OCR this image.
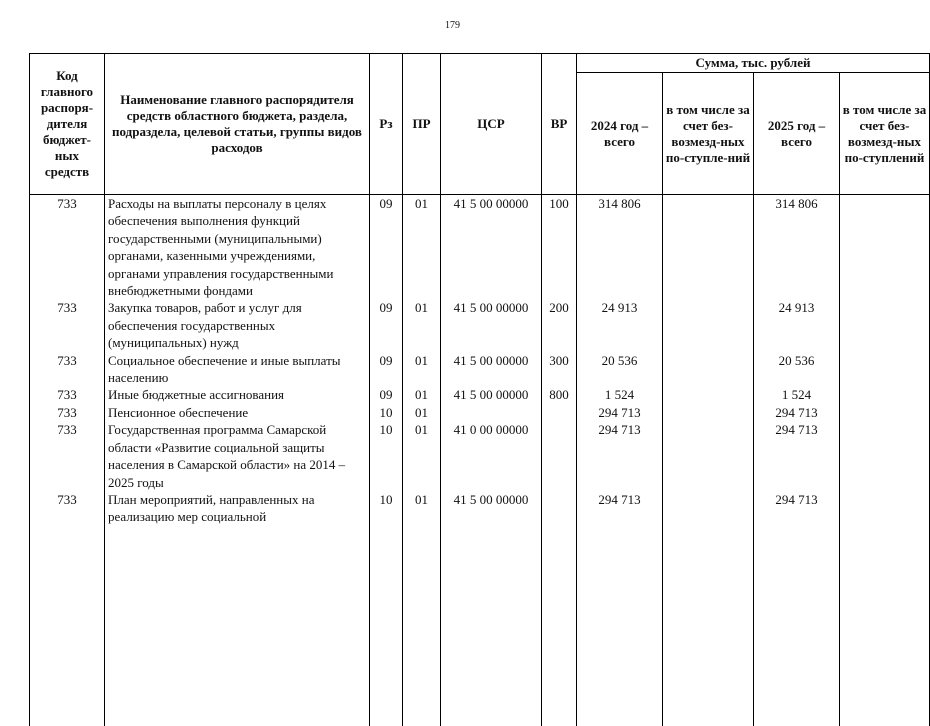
179
Код главного распоря-дителя бюджет-ных средств	Наименование главного распорядителя средств областного бюджета, раздела, подраздела, целевой статьи, группы видов расходов	Рз	ПР	ЦСР	ВР	Сумма, тыс. рублей			
						2024 год – всего	в том числе за счет без-возмезд-ных по-ступле-ний	2025 год – всего	в том числе за счет без-возмезд-ных по-ступлений
733	Расходы на выплаты персоналу в целях обеспечения выполнения функций государственными (муниципальными) органами, казенными учреждениями, органами управления государственными внебюджетными фондами	09	01	41 5 00 00000	100	314 806		314 806	
733	Закупка товаров, работ и услуг для обеспечения государственных (муниципальных) нужд	09	01	41 5 00 00000	200	24 913		24 913	
733	Социальное обеспечение и иные выплаты населению	09	01	41 5 00 00000	300	20 536		20 536	
733	Иные бюджетные ассигнования	09	01	41 5 00 00000	800	1 524		1 524	
733	Пенсионное обеспечение	10	01			294 713		294 713	
733	Государственная программа Самарской области «Развитие социальной защиты населения в Самарской области» на 2014 – 2025 годы	10	01	41 0 00 00000		294 713		294 713	
733	План мероприятий, направленных на реализацию мер социальной	10	01	41 5 00 00000		294 713		294 713	
